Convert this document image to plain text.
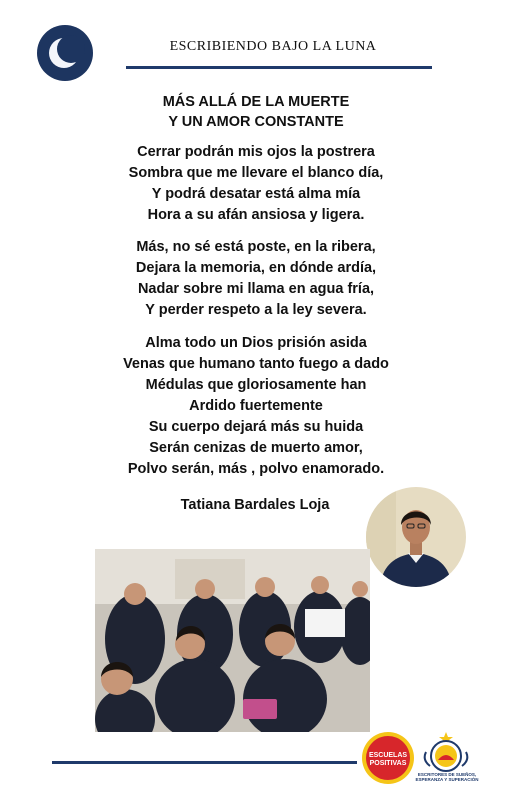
ESCRIBIENDO BAJO LA LUNA
MÁS ALLÁ DE LA MUERTE
Y UN AMOR CONSTANTE
Cerrar podrán mis ojos la postrera
Sombra que me llevare el blanco día,
Y podrá desatar está alma mía
Hora a su afán ansiosa y ligera.
Más, no sé está poste, en la ribera,
Dejara la memoria, en dónde ardía,
Nadar sobre mi llama en agua fría,
Y perder respeto a la ley severa.
Alma todo un Dios prisión asida
Venas que humano tanto fuego a dado
Médulas que gloriosamente han
Ardido fuertemente
Su cuerpo dejará más su huida
Serán cenizas de muerto amor,
Polvo serán, más , polvo enamorado.
Tatiana Bardales Loja
ESCUELAS
POSITIVAS
ESCRITORES DE SUEÑOS,
ESPERANZA Y SUPERACIÓN
